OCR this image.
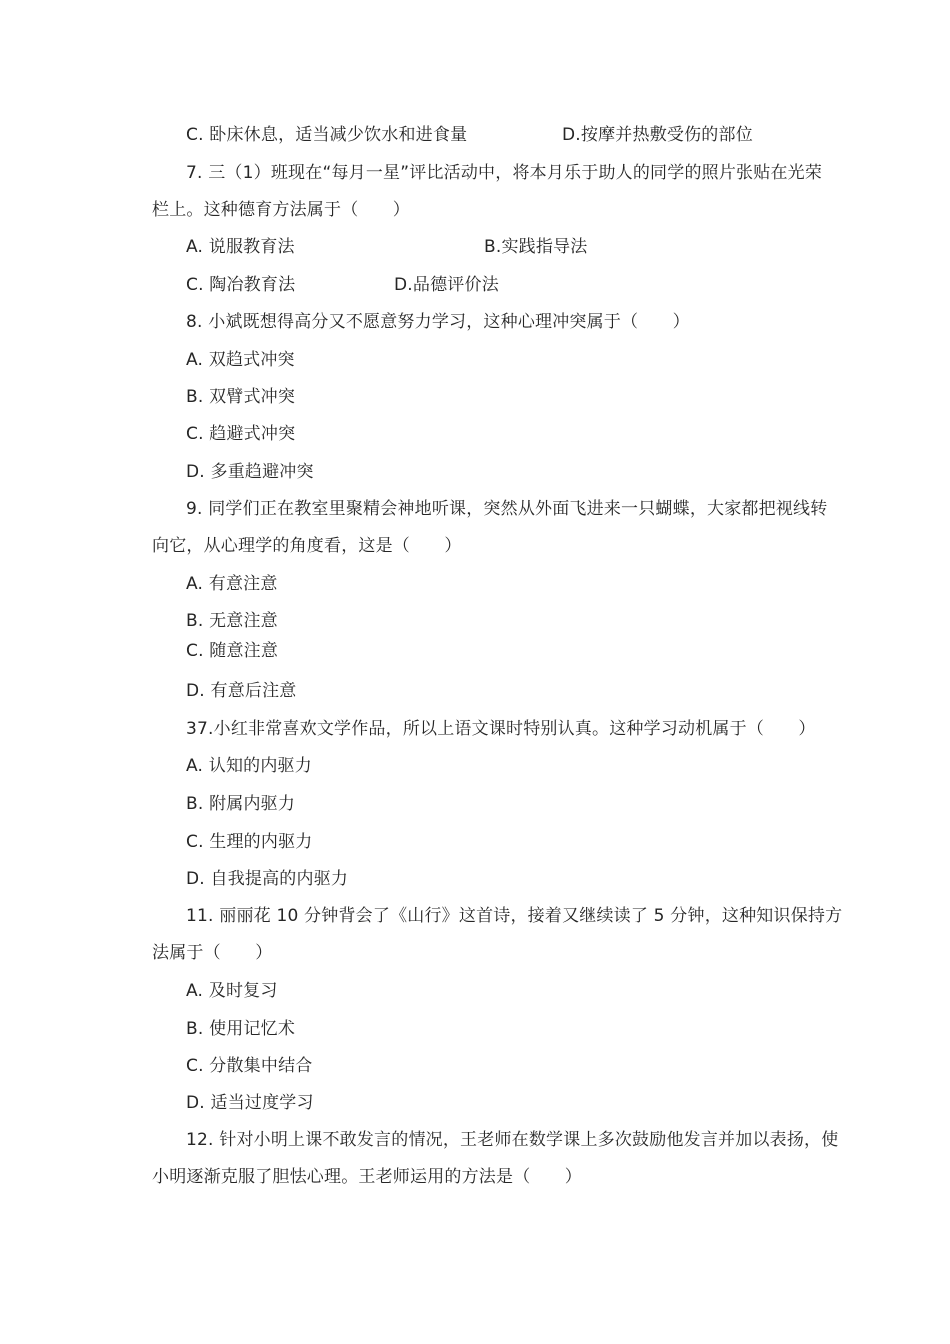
C. 卧床休息，适当减少饮水和进食量	D.按摩并热敷受伤的部位
7. 三（1）班现在“每月一星”评比活动中，将本月乐于助人的同学的照片张贴在光荣
栏上。这种德育方法属于（　　）
A. 说服教育法	B.实践指导法
C. 陶冶教育法	D.品德评价法
8. 小斌既想得高分又不愿意努力学习，这种心理冲突属于（　　）
A. 双趋式冲突
B. 双臂式冲突
C. 趋避式冲突
D. 多重趋避冲突
9. 同学们正在教室里聚精会神地听课，突然从外面飞进来一只蝴蝶，大家都把视线转
向它，从心理学的角度看，这是（　　）
A. 有意注意
B. 无意注意
C. 随意注意
D. 有意后注意
37.小红非常喜欢文学作品，所以上语文课时特别认真。这种学习动机属于（　　）
A. 认知的内驱力
B. 附属内驱力
C. 生理的内驱力
D. 自我提高的内驱力
11. 丽丽花 10 分钟背会了《山行》这首诗，接着又继续读了 5 分钟，这种知识保持方
法属于（　　）
A. 及时复习
B. 使用记忆术
C. 分散集中结合
D. 适当过度学习
12. 针对小明上课不敢发言的情况，王老师在数学课上多次鼓励他发言并加以表扬，使
小明逐渐克服了胆怯心理。王老师运用的方法是（　　）
